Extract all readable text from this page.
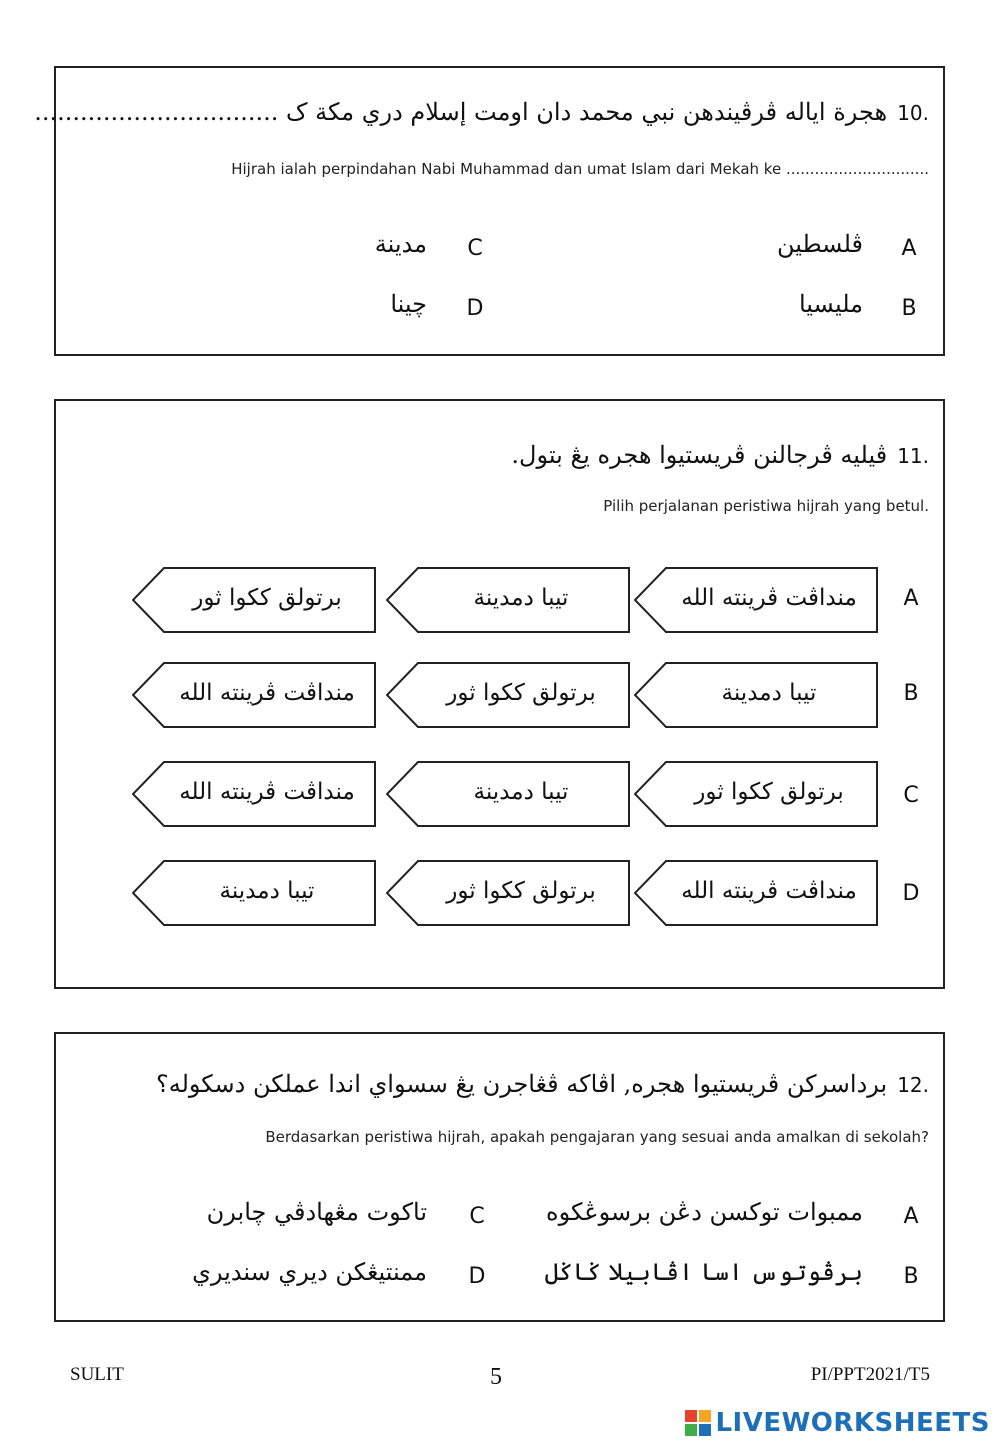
10.
هجرة اياله ڤرڤيندهن نبي محمد دان اومت إسلام دري مكة ک ................................
Hijrah ialah perpindahan Nabi Muhammad dan umat Islam dari Mekah ke ..............................
A
ڤلسطين
B
مليسيا
C
مدينة
D
چينا
11.
ڤيليه ڤرجالنن ڤريستيوا هجره يڠ بتول.
Pilih perjalanan peristiwa hijrah yang betul.
A
منداڤت ڤرينته الله
تيبا دمدينة
برتولق ککوا ثور
B
تيبا دمدينة
برتولق ککوا ثور
منداڤت ڤرينته الله
C
برتولق ککوا ثور
تيبا دمدينة
منداڤت ڤرينته الله
D
منداڤت ڤرينته الله
برتولق ککوا ثور
تيبا دمدينة
12.
برداسرکن ڤريستيوا هجره, اڤاکه ڤڠاجرن يڠ سسواي اندا عملکن دسکوله؟
Berdasarkan peristiwa hijrah, apakah pengajaran yang sesuai anda amalkan di sekolah?
A
ممبوات توکسن دڠن برسوڠکوه
B
برڤوتوس اسا اڤابيلا ݢاݢل
C
تاکوت مڠهادڤي چابرن
D
ممنتيڠکن ديري سنديري
SULIT	5	PI/PPT2021/T5
LIVEWORKSHEETS
